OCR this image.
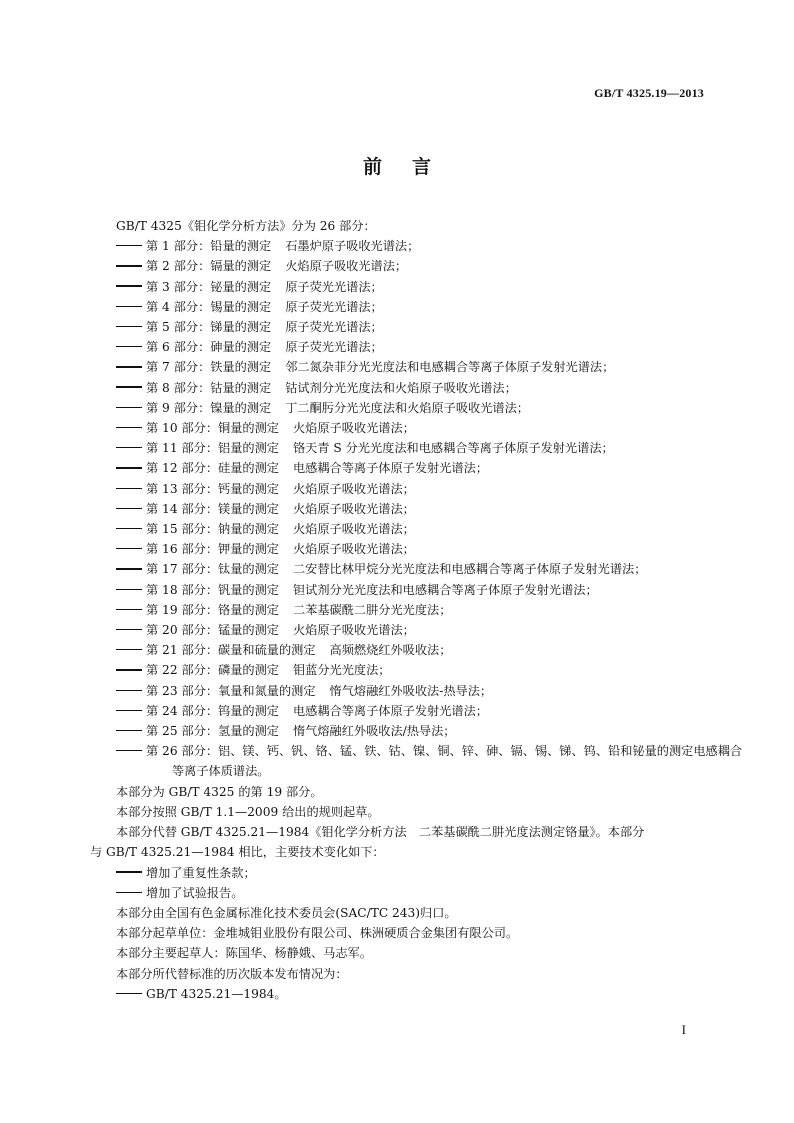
GB/T 4325.19—2013
前言

GB/T 4325《钼化学分析方法》分为 26 部分：

第 1 部分：铅量的测定 石墨炉原子吸收光谱法；
第 2 部分：镉量的测定 火焰原子吸收光谱法；
第 3 部分：铋量的测定 原子荧光光谱法；
第 4 部分：锡量的测定 原子荧光光谱法；
第 5 部分：锑量的测定 原子荧光光谱法；
第 6 部分：砷量的测定 原子荧光光谱法；
第 7 部分：铁量的测定 邻二氮杂菲分光光度法和电感耦合等离子体原子发射光谱法；
第 8 部分：钴量的测定 钴试剂分光光度法和火焰原子吸收光谱法；
第 9 部分：镍量的测定 丁二酮肟分光光度法和火焰原子吸收光谱法；
第 10 部分：铜量的测定 火焰原子吸收光谱法；
第 11 部分：铝量的测定 铬天青 S 分光光度法和电感耦合等离子体原子发射光谱法；
第 12 部分：硅量的测定 电感耦合等离子体原子发射光谱法；
第 13 部分：钙量的测定 火焰原子吸收光谱法；
第 14 部分：镁量的测定 火焰原子吸收光谱法；
第 15 部分：钠量的测定 火焰原子吸收光谱法；
第 16 部分：钾量的测定 火焰原子吸收光谱法；
第 17 部分：钛量的测定 二安替比林甲烷分光光度法和电感耦合等离子体原子发射光谱法；
第 18 部分：钒量的测定 钽试剂分光光度法和电感耦合等离子体原子发射光谱法；
第 19 部分：铬量的测定 二苯基碳酰二肼分光光度法；
第 20 部分：锰量的测定 火焰原子吸收光谱法；
第 21 部分：碳量和硫量的测定 高频燃烧红外吸收法；
第 22 部分：磷量的测定 钼蓝分光光度法；
第 23 部分：氧量和氮量的测定 惰气熔融红外吸收法-热导法；
第 24 部分：钨量的测定 电感耦合等离子体原子发射光谱法；
第 25 部分：氢量的测定 惰气熔融红外吸收法/热导法；
第 26 部分：铝、镁、钙、钒、铬、锰、铁、钴、镍、铜、锌、砷、镉、锡、锑、钨、铅和铋量的测定 电感耦合
等离子体质谱法。

本部分为 GB/T 4325 的第 19 部分。

本部分按照 GB/T 1.1—2009 给出的规则起草。

本部分代替 GB/T 4325.21—1984《钼化学分析方法　二苯基碳酰二肼光度法测定铬量》。本部分

与 GB/T 4325.21—1984 相比，主要技术变化如下：

增加了重复性条款；
增加了试验报告。

本部分由全国有色金属标准化技术委员会(SAC/TC 243)归口。

本部分起草单位：金堆城钼业股份有限公司、株洲硬质合金集团有限公司。

本部分主要起草人：陈国华、杨静娥、马志军。

本部分所代替标准的历次版本发布情况为：

GB/T 4325.21—1984。
I
